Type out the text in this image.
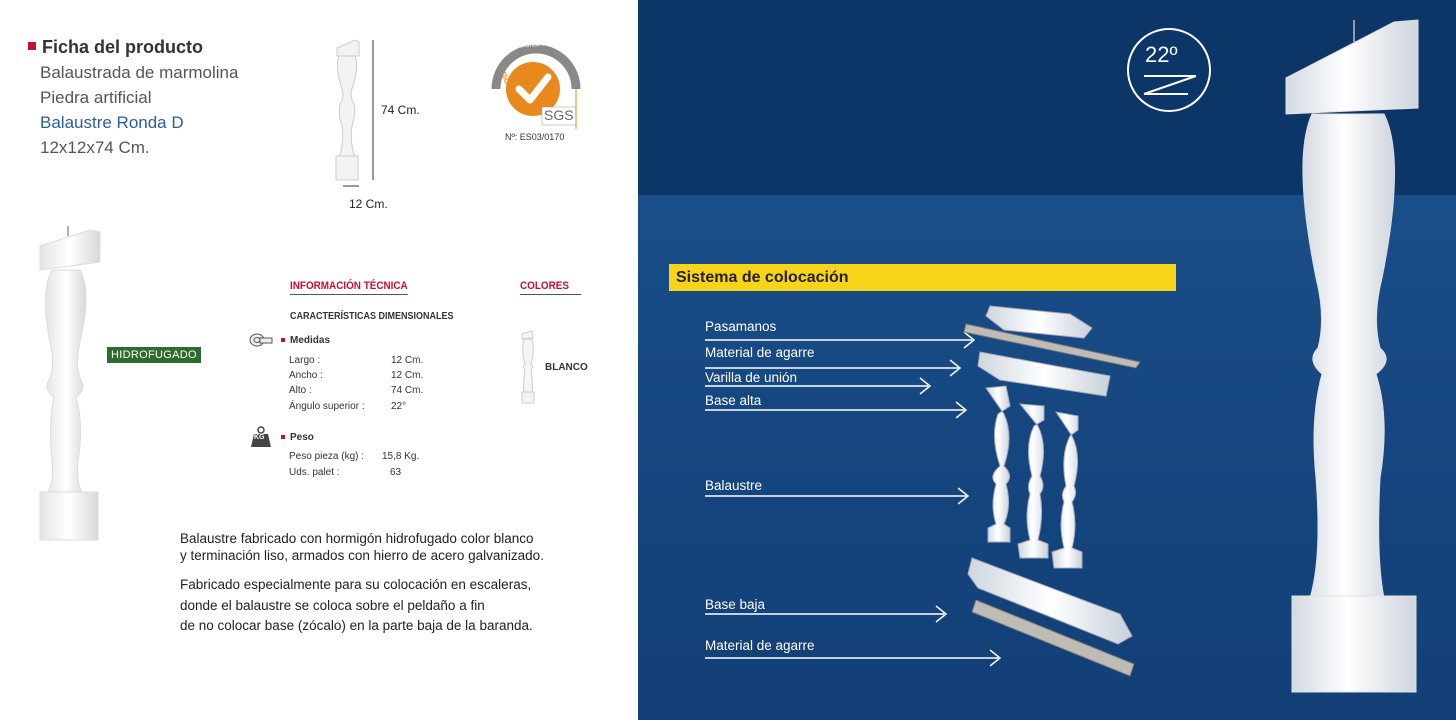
Ficha del producto
Balaustrada de marmolina
Piedra artificial
Balaustre Ronda D
12x12x74 Cm.
74 Cm.
12 Cm.
SYSTEM CERTIFICATION
ISO 9001
SGS
Nº: ES03/0170
HIDROFUGADO
INFORMACIÓN TÉCNICA	COLORES
CARACTERÍSTICAS DIMENSIONALES
Medidas
Largo :	12 Cm.
Ancho :	12 Cm.
Alto :	74 Cm.
Ángulo superior :	22°
KG	Peso
Peso pieza (kg) : 15,8 Kg.
Uds. palet :	63
BLANCO
Balaustre fabricado con hormigón hidrofugado color blanco
y terminación liso, armados con hierro de acero galvanizado.
Fabricado especialmente para su colocación en escaleras,
donde el balaustre se coloca sobre el peldaño a fin
de no colocar base (zócalo) en la parte baja de la baranda.
22º
Sistema de colocación
Pasamanos
Material de agarre
Varilla de unión
Base alta
Balaustre
Base baja
Material de agarre
